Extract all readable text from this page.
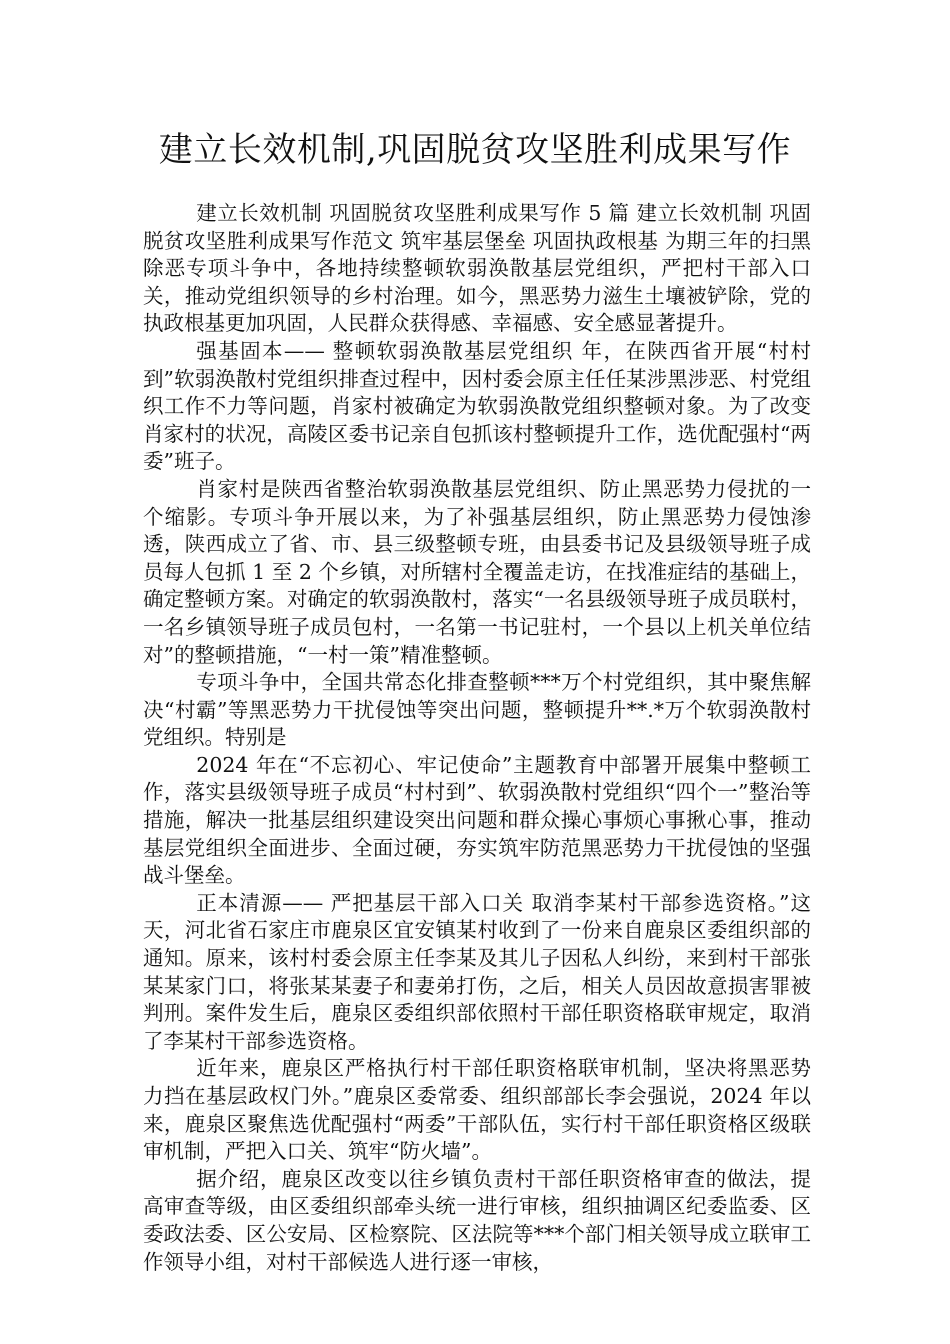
建立长效机制,巩固脱贫攻坚胜利成果写作

建立长效机制 巩固脱贫攻坚胜利成果写作 5 篇 建立长效机制 巩固脱贫攻坚胜利成果写作范文 筑牢基层堡垒 巩固执政根基 为期三年的扫黑除恶专项斗争中，各地持续整顿软弱涣散基层党组织，严把村干部入口关，推动党组织领导的乡村治理。如今，黑恶势力滋生土壤被铲除，党的执政根基更加巩固，人民群众获得感、幸福感、安全感显著提升。

强基固本—— 整顿软弱涣散基层党组织 年，在陕西省开展“村村到”软弱涣散村党组织排查过程中，因村委会原主任任某涉黑涉恶、村党组织工作不力等问题，肖家村被确定为软弱涣散党组织整顿对象。为了改变肖家村的状况，高陵区委书记亲自包抓该村整顿提升工作，选优配强村“两委”班子。

肖家村是陕西省整治软弱涣散基层党组织、防止黑恶势力侵扰的一个缩影。专项斗争开展以来，为了补强基层组织，防止黑恶势力侵蚀渗透，陕西成立了省、市、县三级整顿专班，由县委书记及县级领导班子成员每人包抓 1 至 2 个乡镇，对所辖村全覆盖走访，在找准症结的基础上，确定整顿方案。对确定的软弱涣散村，落实“一名县级领导班子成员联村，一名乡镇领导班子成员包村，一名第一书记驻村，一个县以上机关单位结对”的整顿措施，“一村一策”精准整顿。

专项斗争中，全国共常态化排查整顿***万个村党组织，其中聚焦解决“村霸”等黑恶势力干扰侵蚀等突出问题，整顿提升**.*万个软弱涣散村党组织。特别是

2024 年在“不忘初心、牢记使命”主题教育中部署开展集中整顿工作，落实县级领导班子成员“村村到”、软弱涣散村党组织“四个一”整治等措施，解决一批基层组织建设突出问题和群众操心事烦心事揪心事，推动基层党组织全面进步、全面过硬，夯实筑牢防范黑恶势力干扰侵蚀的坚强战斗堡垒。

正本清源—— 严把基层干部入口关 取消李某村干部参选资格。”这天，河北省石家庄市鹿泉区宜安镇某村收到了一份来自鹿泉区委组织部的通知。原来，该村村委会原主任李某及其儿子因私人纠纷，来到村干部张某某家门口，将张某某妻子和妻弟打伤，之后，相关人员因故意损害罪被判刑。案件发生后，鹿泉区委组织部依照村干部任职资格联审规定，取消了李某村干部参选资格。

近年来，鹿泉区严格执行村干部任职资格联审机制，坚决将黑恶势力挡在基层政权门外。”鹿泉区委常委、组织部部长李会强说，2024 年以来，鹿泉区聚焦选优配强村“两委”干部队伍，实行村干部任职资格区级联审机制，严把入口关、筑牢“防火墙”。

据介绍，鹿泉区改变以往乡镇负责村干部任职资格审查的做法，提高审查等级，由区委组织部牵头统一进行审核，组织抽调区纪委监委、区委政法委、区公安局、区检察院、区法院等***个部门相关领导成立联审工作领导小组，对村干部候选人进行逐一审核，
